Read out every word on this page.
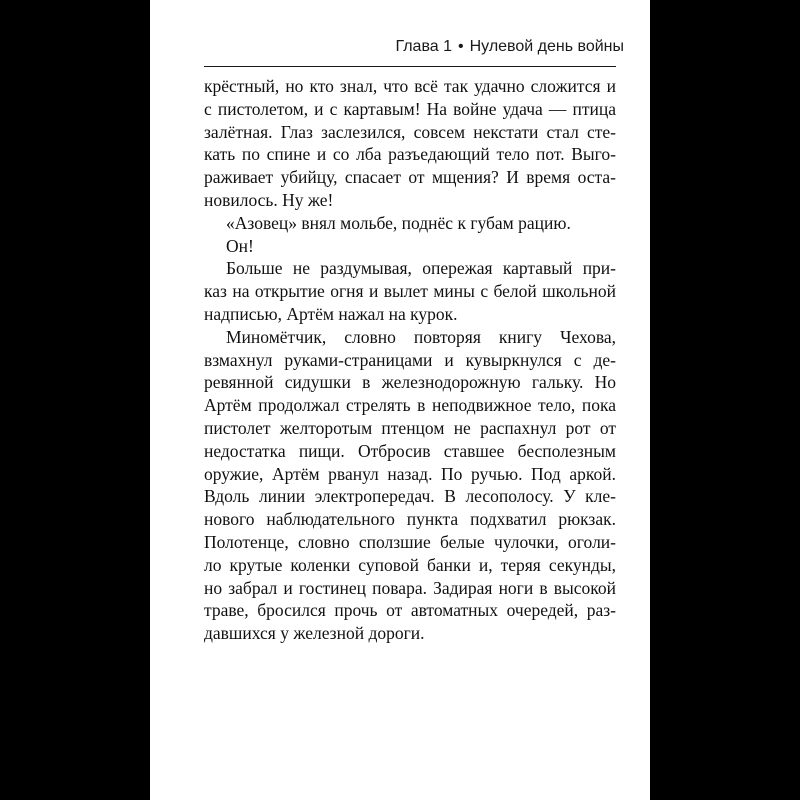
Глава 1 • Нулевой день войны
крёстный, но кто знал, что всё так удачно сложится и
с пистолетом, и с картавым! На войне удача — птица
залётная. Глаз заслезился, совсем некстати стал сте-
кать по спине и со лба разъедающий тело пот. Выго-
раживает убийцу, спасает от мщения? И время оста-
новилось. Ну же!
«Азовец» внял мольбе, поднёс к губам рацию.
Он!
Больше не раздумывая, опережая картавый при-
каз на открытие огня и вылет мины с белой школьной
надписью, Артём нажал на курок.
Миномётчик, словно повторяя книгу Чехова,
взмахнул руками-страницами и кувыркнулся с де-
ревянной сидушки в железнодорожную гальку. Но
Артём продолжал стрелять в неподвижное тело, пока
пистолет желторотым птенцом не распахнул рот от
недостатка пищи. Отбросив ставшее бесполезным
оружие, Артём рванул назад. По ручью. Под аркой.
Вдоль линии электропередач. В лесополосу. У кле-
нового наблюдательного пункта подхватил рюкзак.
Полотенце, словно сползшие белые чулочки, оголи-
ло крутые коленки суповой банки и, теряя секунды,
но забрал и гостинец повара. Задирая ноги в высокой
траве, бросился прочь от автоматных очередей, раз-
давшихся у железной дороги.
